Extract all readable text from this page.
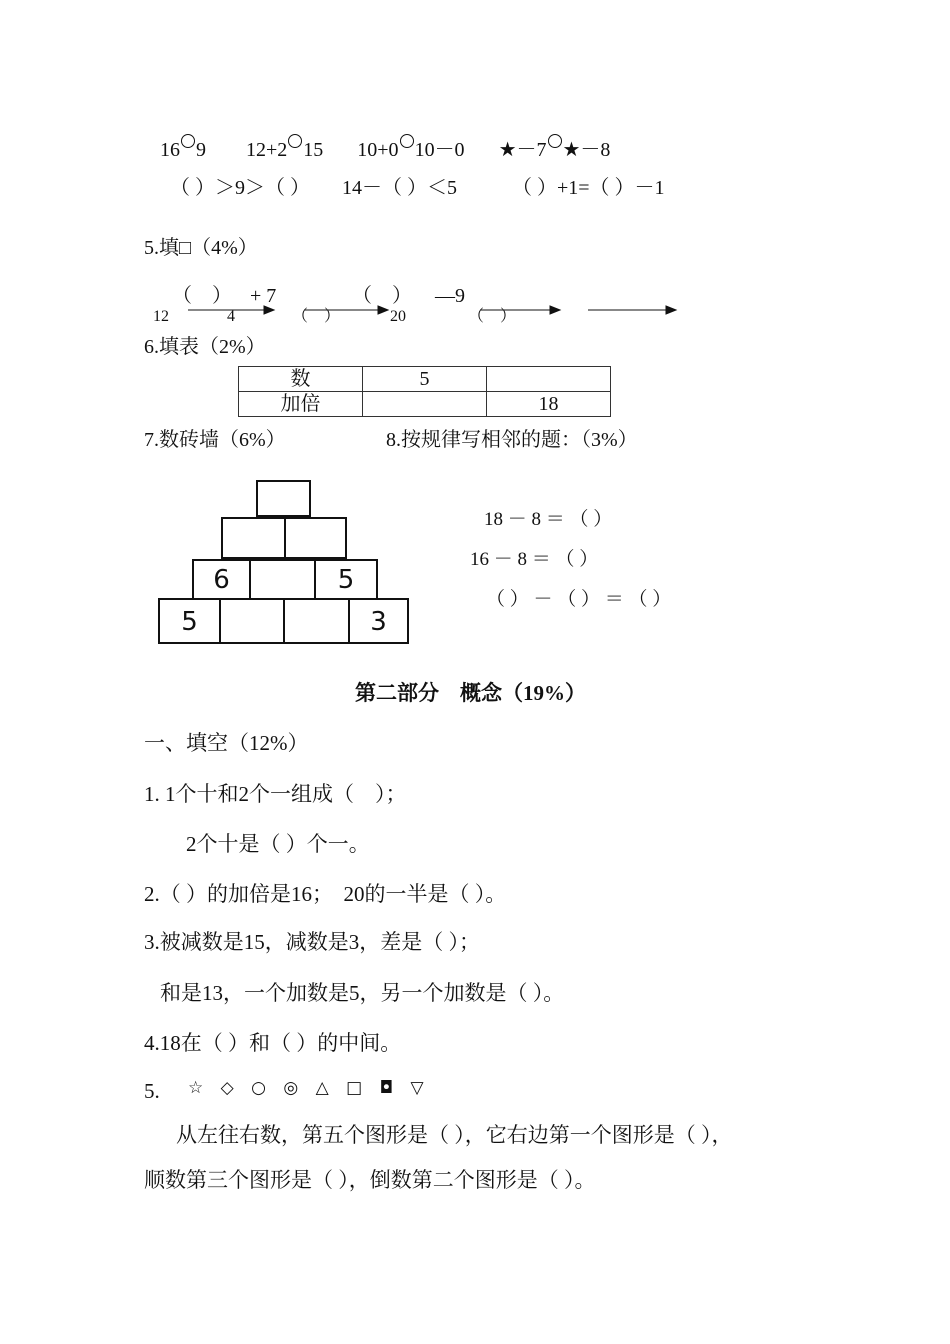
16 9 12+2 15 10+0 10－0 ★－7 ★－8
（ ）＞9＞（ ） 14－（ ）＜5	（ ）+1=（ ）－1
5.填□（4%）
12
（　）
4
+ 7
（　）
（　）
20
—9
（　）
6.填表（2%）
数	5	
加倍		18
7.数砖墙（6%）	8.按规律写相邻的题：（3%）
6	5
5	3
18 － 8 ＝ （ ）
16 － 8 ＝ （ ）
（ ） － （ ） ＝ （ ）
第二部分　概念（19%）
一、填空（12%）
1. 1个十和2个一组成（　）；
2个十是（ ）个一。
2.（ ）的加倍是16；　20的一半是（ ）。
3.被减数是15，减数是3，差是（ ）；
和是13，一个加数是5，另一个加数是（ ）。
4.18在（ ）和（ ）的中间。
5. ☆ ◇ ○ ◎ △ □ ◘ ▽
从左往右数，第五个图形是（ ），它右边第一个图形是（ ），
顺数第三个图形是（ ），倒数第二个图形是（ ）。
